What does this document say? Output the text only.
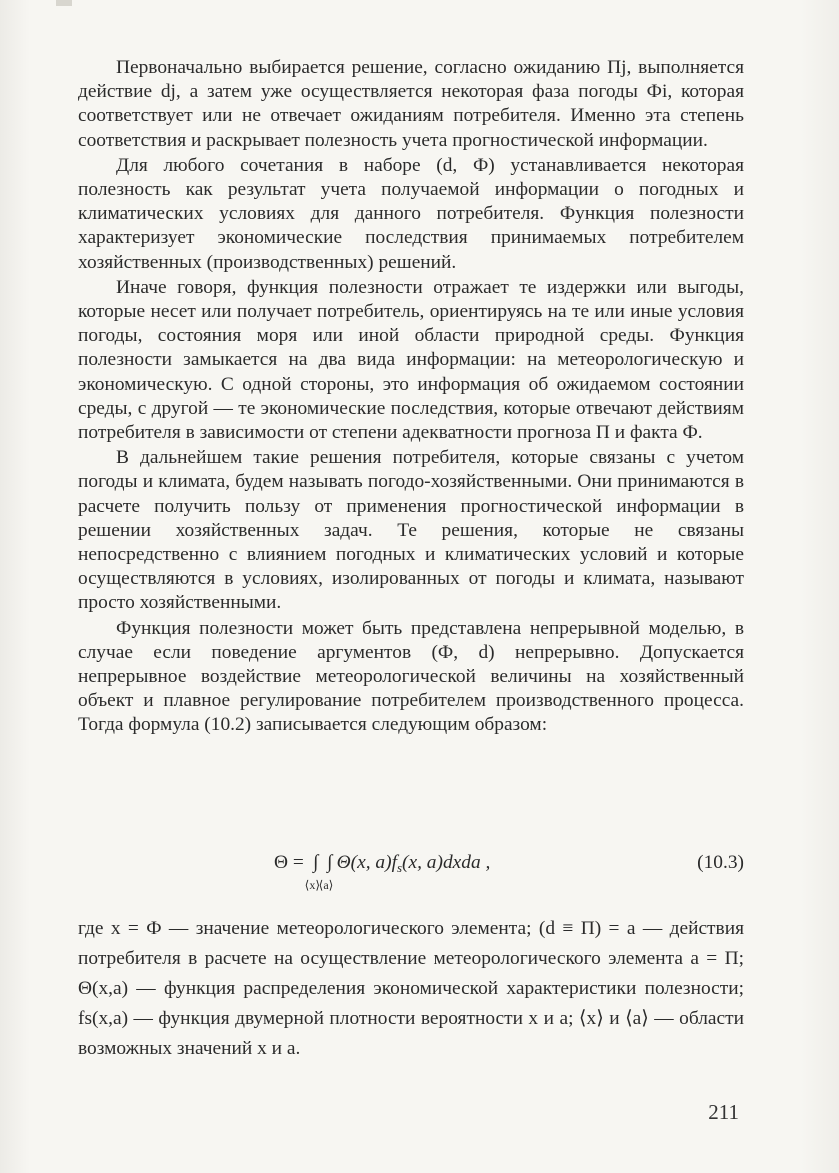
Первоначально выбирается решение, согласно ожиданию Пj, выполняется действие dj, а затем уже осуществляется некоторая фаза погоды Фi, которая соответствует или не отвечает ожиданиям потребителя. Именно эта степень соответствия и раскрывает полезность учета прогностической информации.

Для любого сочетания в наборе (d, Ф) устанавливается некоторая полезность как результат учета получаемой информации о погодных и климатических условиях для данного потребителя. Функция полезности характеризует экономические последствия принимаемых потребителем хозяйственных (производственных) решений.

Иначе говоря, функция полезности отражает те издержки или выгоды, которые несет или получает потребитель, ориентируясь на те или иные условия погоды, состояния моря или иной области природной среды. Функция полезности замыкается на два вида информации: на метеорологическую и экономическую. С одной стороны, это информация об ожидаемом состоянии среды, с другой — те экономические последствия, которые отвечают действиям потребителя в зависимости от степени адекватности прогноза П и факта Ф.

В дальнейшем такие решения потребителя, которые связаны с учетом погоды и климата, будем называть погодо-хозяйственными. Они принимаются в расчете получить пользу от применения прогностической информации в решении хозяйственных задач. Те решения, которые не связаны непосредственно с влиянием погодных и климатических условий и которые осуществляются в условиях, изолированных от погоды и климата, называют просто хозяйственными.

Функция полезности может быть представлена непрерывной моделью, в случае если поведение аргументов (Ф, d) непрерывно. Допускается непрерывное воздействие метеорологической величины на хозяйственный объект и плавное регулирование потребителем производственного процесса. Тогда формула (10.2) записывается следующим образом:

Θ = ∫
⟨x⟩
∫
⟨a⟩
Θ(x, $a)f_s(x$, a)dxda ,	(10.3)
где x = Ф — значение метеорологического элемента; (d ≡ П) = a — действия потребителя в расчете на осуществление метеорологического элемента a = П; Θ(x,a) — функция распределения экономической характеристики полезности; fs(x,a) — функция двумерной плотности вероятности x и a; ⟨x⟩ и ⟨a⟩ — области возможных значений x и a.
211
